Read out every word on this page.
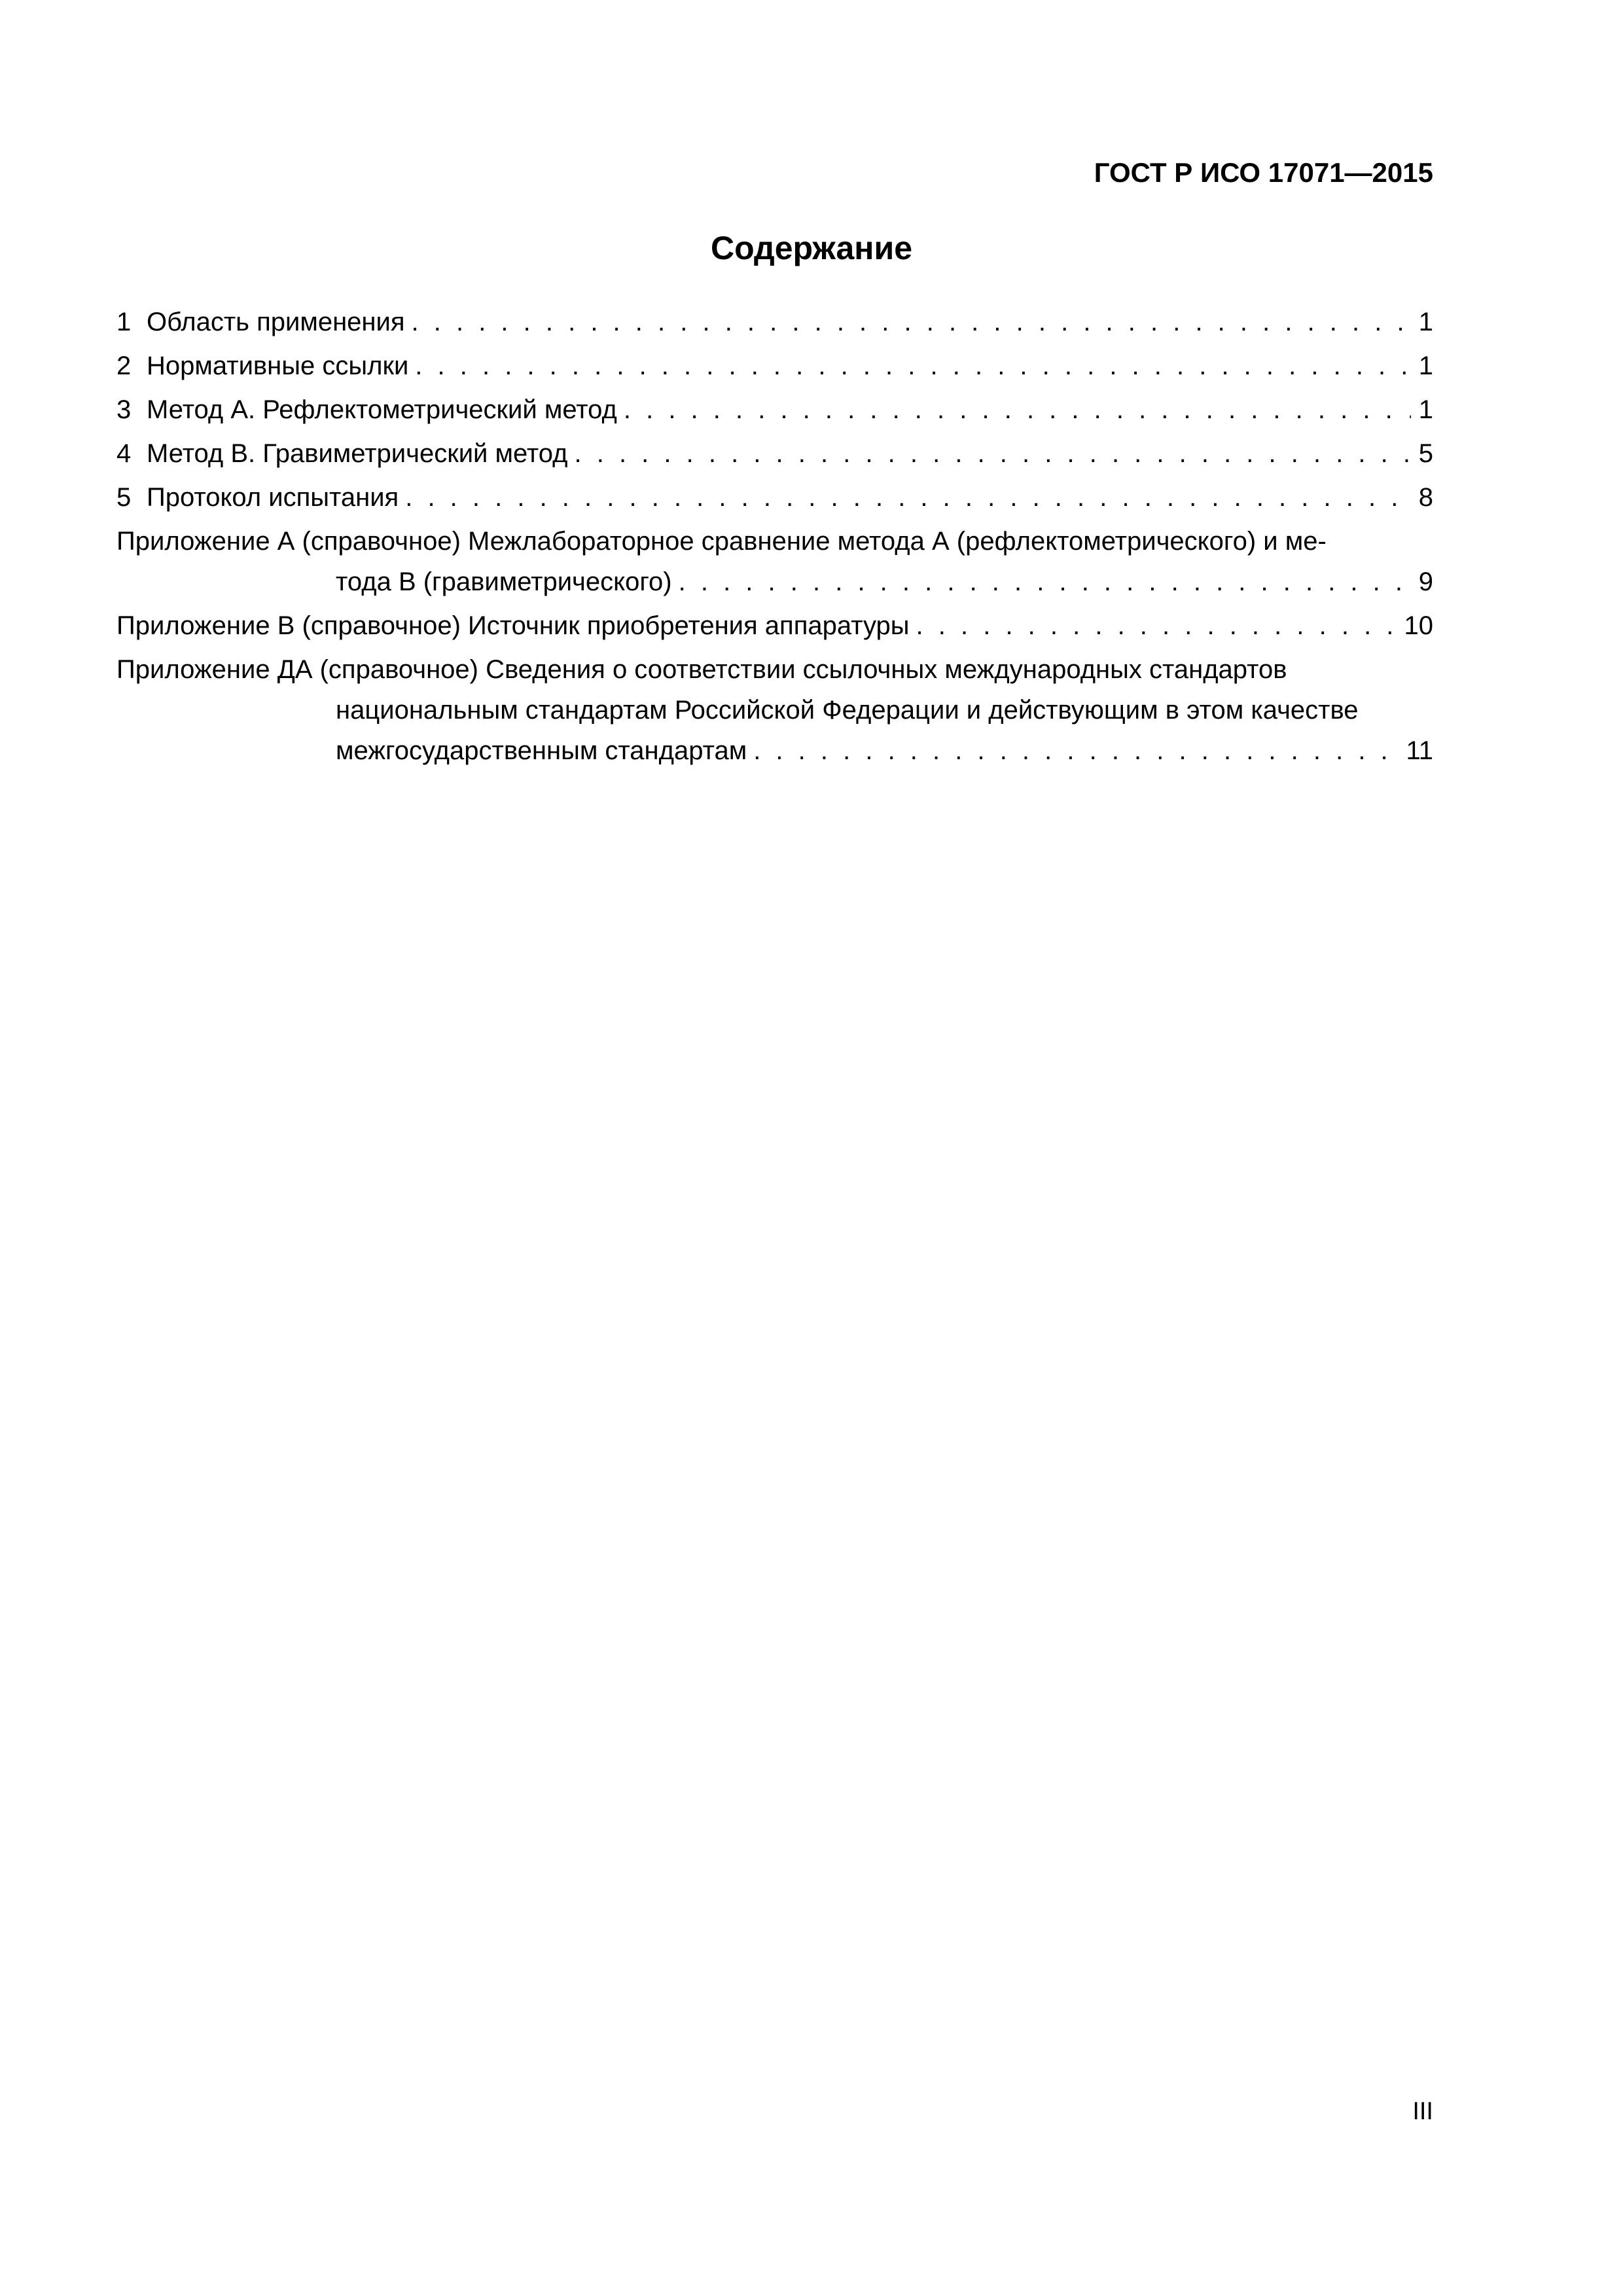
ГОСТ Р ИСО 17071—2015
Содержание
1 Область применения . . .	1
2 Нормативные ссылки . . .	1
3 Метод А. Рефлектометрический метод . . .	1
4 Метод В. Гравиметрический метод . . .	5
5 Протокол испытания . . .	8
Приложение А (справочное) Межлабораторное сравнение метода А (рефлектометрического) и ме-
тода В (гравиметрического) . . .	9
Приложение В (справочное) Источник приобретения аппаратуры . . .	10
Приложение ДА (справочное) Сведения о соответствии ссылочных международных стандартов
национальным стандартам Российской Федерации и действующим в этом качестве
межгосударственным стандартам . . .	11
III
